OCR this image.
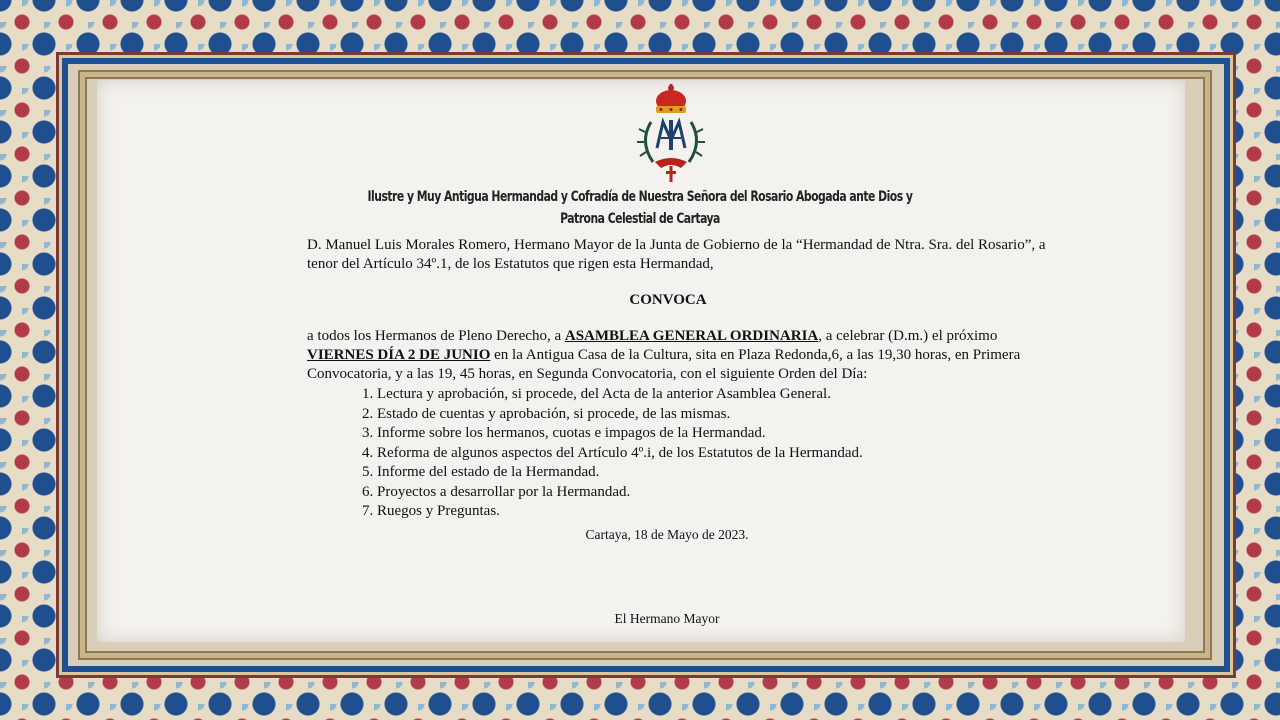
Ilustre y Muy Antigua Hermandad y Cofradía de Nuestra Señora del Rosario Abogada ante Dios y
Patrona Celestial de Cartaya
D. Manuel Luis Morales Romero, Hermano Mayor de la Junta de Gobierno de la “Hermandad de Ntra. Sra. del Rosario”, a tenor del Artículo 34º.1, de los Estatutos que rigen esta Hermandad,
CONVOCA
a todos los Hermanos de Pleno Derecho, a ASAMBLEA GENERAL ORDINARIA, a celebrar (D.m.) el próximo VIERNES DÍA 2 DE JUNIO en la Antigua Casa de la Cultura, sita en Plaza Redonda,6, a las 19,30 horas, en Primera Convocatoria, y a las 19, 45 horas, en Segunda Convocatoria, con el siguiente Orden del Día:
1. Lectura y aprobación, si procede, del Acta de la anterior Asamblea General.
2. Estado de cuentas y aprobación, si procede, de las mismas.
3. Informe sobre los hermanos, cuotas e impagos de la Hermandad.
4. Reforma de algunos aspectos del Artículo 4º.i, de los Estatutos de la Hermandad.
5. Informe del estado de la Hermandad.
6. Proyectos a desarrollar por la Hermandad.
7. Ruegos y Preguntas.
Cartaya, 18 de Mayo de 2023.
El Hermano Mayor
